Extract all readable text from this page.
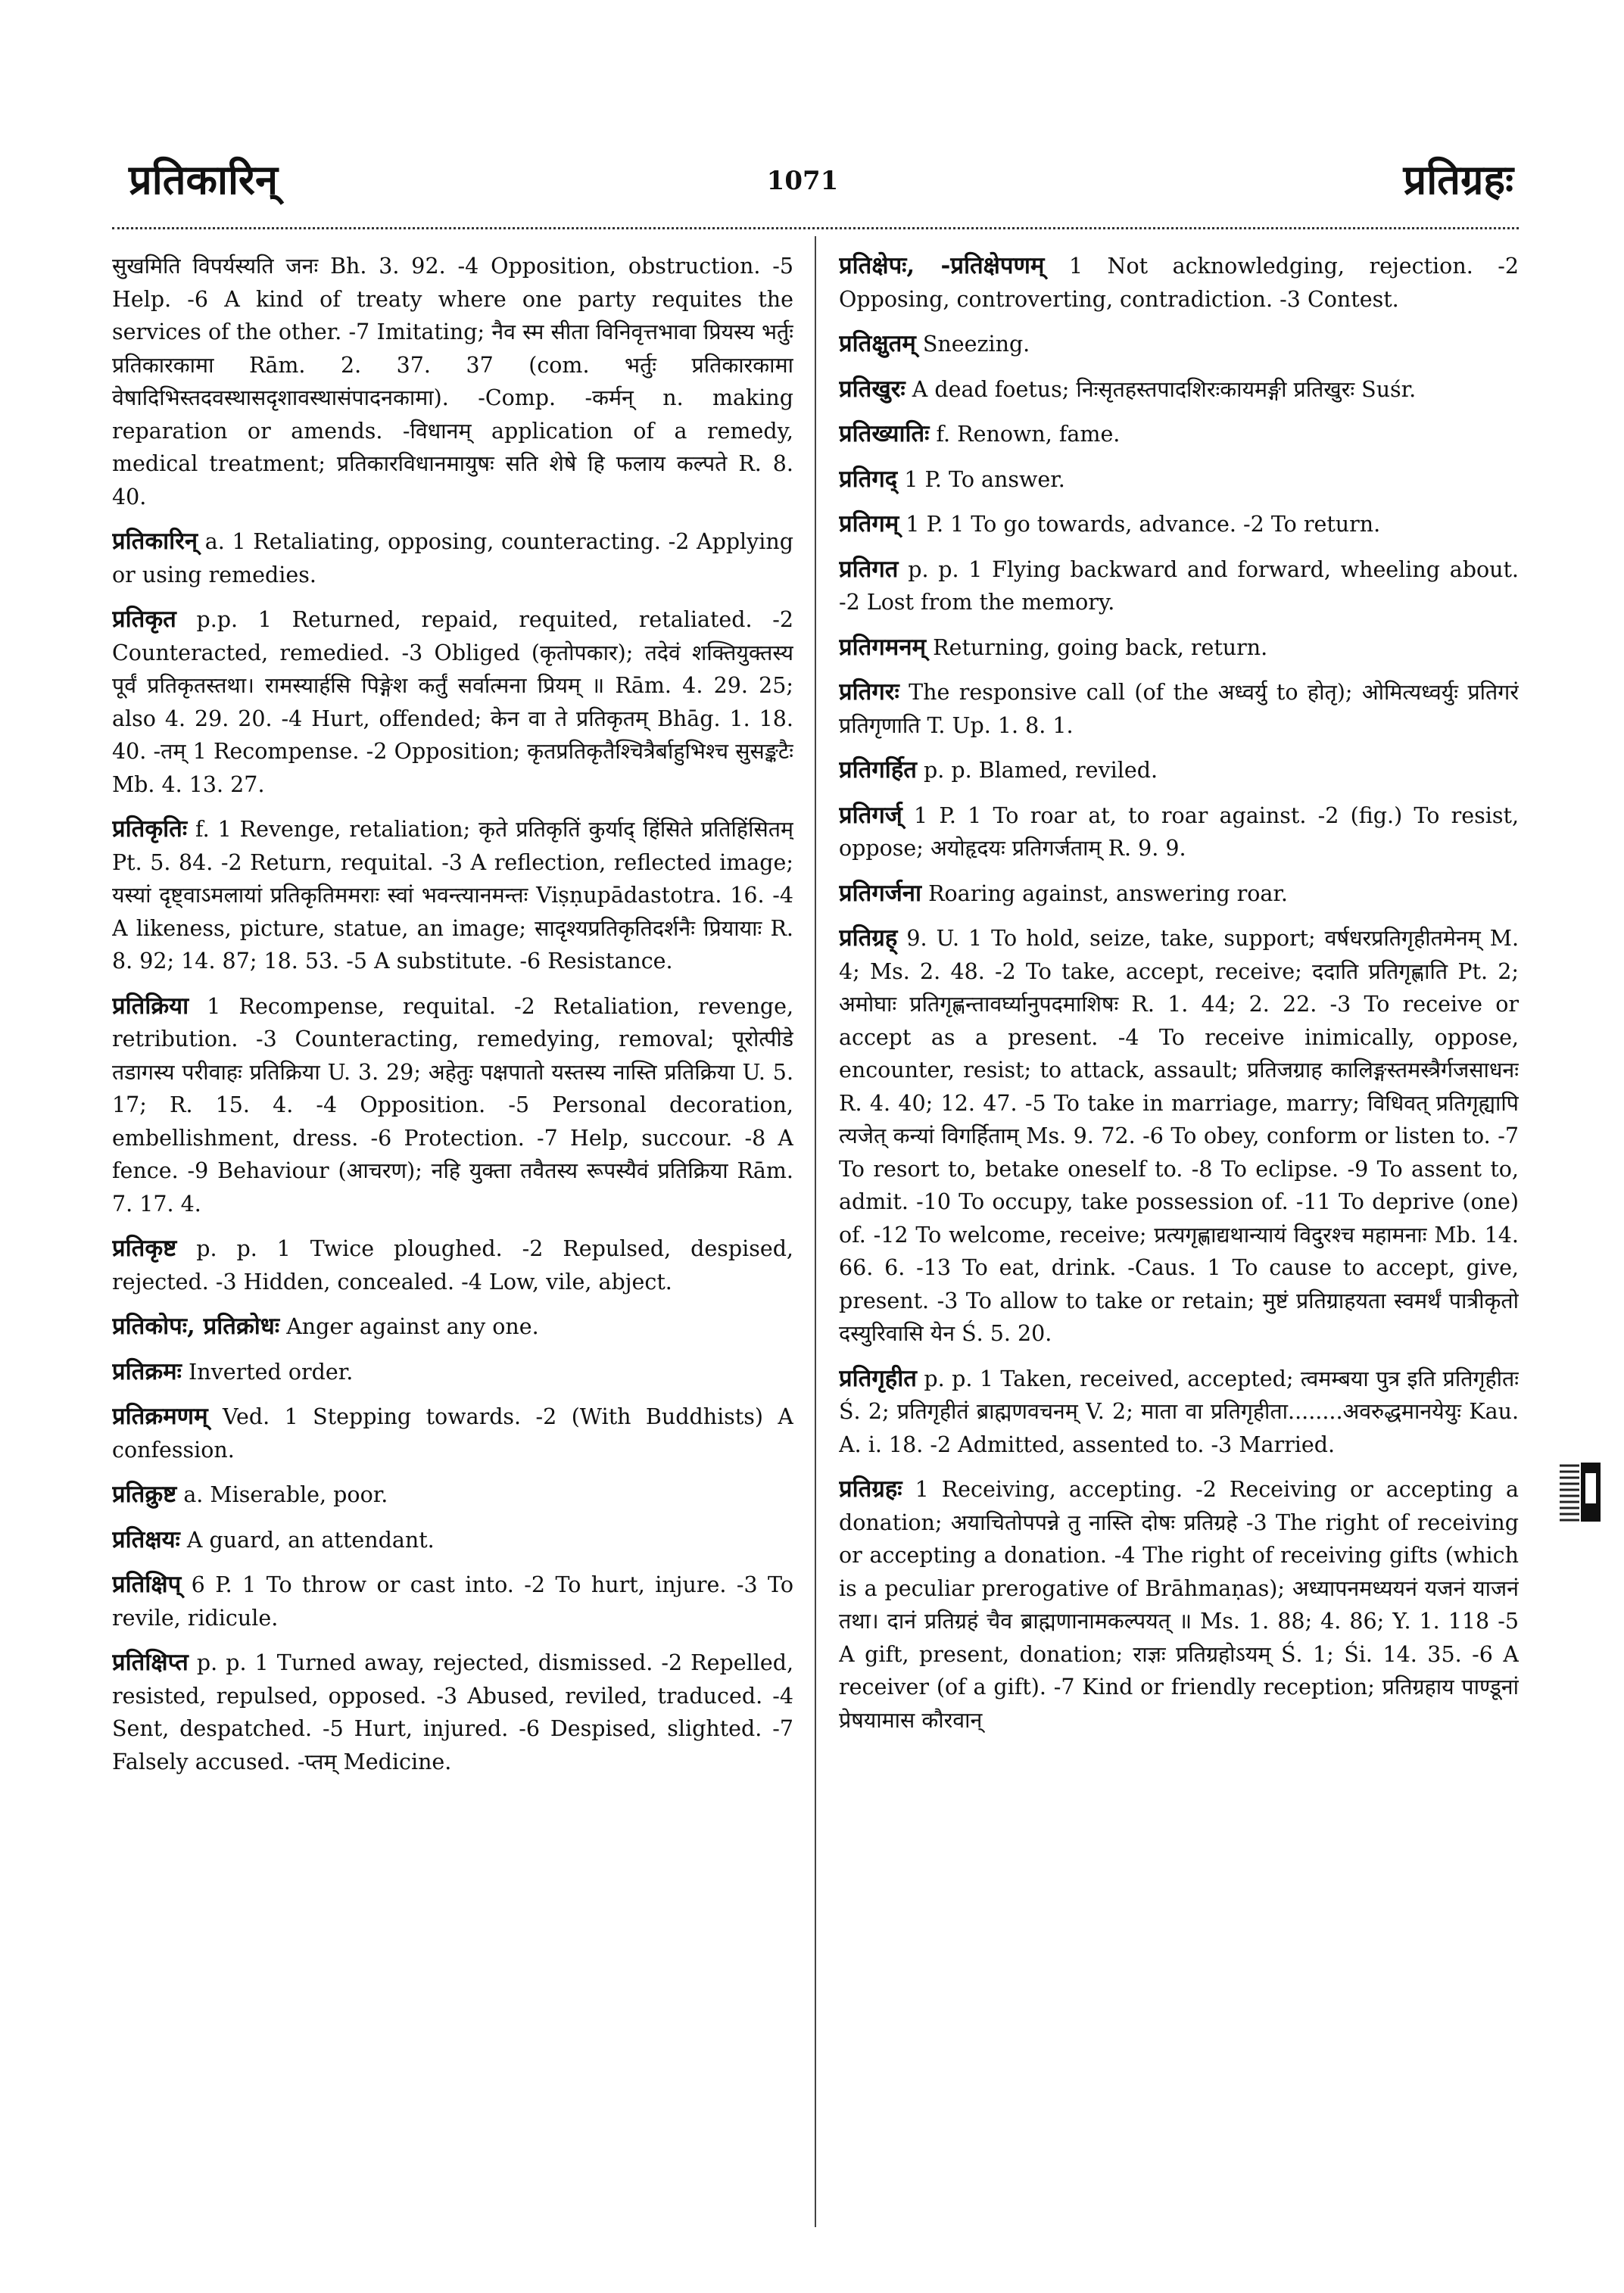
प्रतिकारिन्	1071	प्रतिग्रहः

सुखमिति विपर्यस्यति जनः Bh. 3. 92. -4 Opposition, obstruction. -5 Help. -6 A kind of treaty where one party requites the services of the other. -7 Imitating; नैव स्म सीता विनिवृत्तभावा प्रियस्य भर्तुः प्रतिकारकामा Rām. 2. 37. 37 (com. भर्तुः प्रतिकारकामा वेषादिभिस्तदवस्थासदृशावस्थासंपादनकामा). -Comp. -कर्मन् n. making reparation or amends. -विधानम् application of a remedy, medical treatment; प्रतिकारविधानमायुषः सति शेषे हि फलाय कल्पते R. 8. 40.

प्रतिकारिन् a. 1 Retaliating, opposing, counteracting. -2 Applying or using remedies.

प्रतिकृत p.p. 1 Returned, repaid, requited, retaliated. -2 Counteracted, remedied. -3 Obliged (कृतोपकार); तदेवं शक्तियुक्तस्य पूर्वं प्रतिकृतस्तथा। रामस्यार्हसि पिङ्गेश कर्तुं सर्वात्मना प्रियम् ॥ Rām. 4. 29. 25; also 4. 29. 20. -4 Hurt, offended; केन वा ते प्रतिकृतम् Bhāg. 1. 18. 40. -तम् 1 Recompense. -2 Opposition; कृतप्रतिकृतैश्चित्रैर्बाहुभिश्च सुसङ्कटैः Mb. 4. 13. 27.

प्रतिकृतिः f. 1 Revenge, retaliation; कृते प्रतिकृतिं कुर्याद् हिंसिते प्रतिहिंसितम् Pt. 5. 84. -2 Return, requital. -3 A reflection, reflected image; यस्यां दृष्ट्वाऽमलायां प्रतिकृतिममराः स्वां भवन्त्यानमन्तः Viṣṇupādastotra. 16. -4 A likeness, picture, statue, an image; सादृश्यप्रतिकृतिदर्शनैः प्रियायाः R. 8. 92; 14. 87; 18. 53. -5 A substitute. -6 Resistance.

प्रतिक्रिया 1 Recompense, requital. -2 Retaliation, revenge, retribution. -3 Counteracting, remedying, removal; पूरोत्पीडे तडागस्य परीवाहः प्रतिक्रिया U. 3. 29; अहेतुः पक्षपातो यस्तस्य नास्ति प्रतिक्रिया U. 5. 17; R. 15. 4. -4 Opposition. -5 Personal decoration, embellishment, dress. -6 Protection. -7 Help, succour. -8 A fence. -9 Behaviour (आचरण); नहि युक्ता तवैतस्य रूपस्यैवं प्रतिक्रिया Rām. 7. 17. 4.

प्रतिकृष्ट p. p. 1 Twice ploughed. -2 Repulsed, despised, rejected. -3 Hidden, concealed. -4 Low, vile, abject.

प्रतिकोपः, प्रतिक्रोधः Anger against any one.

प्रतिक्रमः Inverted order.

प्रतिक्रमणम् Ved. 1 Stepping towards. -2 (With Buddhists) A confession.

प्रतिक्रुष्ट a. Miserable, poor.

प्रतिक्षयः A guard, an attendant.

प्रतिक्षिप् 6 P. 1 To throw or cast into. -2 To hurt, injure. -3 To revile, ridicule.

प्रतिक्षिप्त p. p. 1 Turned away, rejected, dismissed. -2 Repelled, resisted, repulsed, opposed. -3 Abused, reviled, traduced. -4 Sent, despatched. -5 Hurt, injured. -6 Despised, slighted. -7 Falsely accused. -प्तम् Medicine.

प्रतिक्षेपः, -प्रतिक्षेपणम् 1 Not acknowledging, rejection. -2 Opposing, controverting, contradiction. -3 Contest.

प्रतिक्षुतम् Sneezing.

प्रतिखुरः A dead foetus; निःसृतहस्तपादशिरःकायमङ्गी प्रतिखुरः Suśr.

प्रतिख्यातिः f. Renown, fame.

प्रतिगद् 1 P. To answer.

प्रतिगम् 1 P. 1 To go towards, advance. -2 To return.

प्रतिगत p. p. 1 Flying backward and forward, wheeling about. -2 Lost from the memory.

प्रतिगमनम् Returning, going back, return.

प्रतिगरः The responsive call (of the अध्वर्यु to होतृ); ओमित्यध्वर्युः प्रतिगरं प्रतिगृणाति T. Up. 1. 8. 1.

प्रतिगर्हित p. p. Blamed, reviled.

प्रतिगर्ज् 1 P. 1 To roar at, to roar against. -2 (fig.) To resist, oppose; अयोहृदयः प्रतिगर्जताम् R. 9. 9.

प्रतिगर्जना Roaring against, answering roar.

प्रतिग्रह् 9. U. 1 To hold, seize, take, support; वर्षधरप्रतिगृहीतमेनम् M. 4; Ms. 2. 48. -2 To take, accept, receive; ददाति प्रतिगृह्णाति Pt. 2; अमोघाः प्रतिगृह्णन्तावर्घ्यानुपदमाशिषः R. 1. 44; 2. 22. -3 To receive or accept as a present. -4 To receive inimically, oppose, encounter, resist; to attack, assault; प्रतिजग्राह कालिङ्गस्तमस्त्रैर्गजसाधनः R. 4. 40; 12. 47. -5 To take in marriage, marry; विधिवत् प्रतिगृह्यापि त्यजेत् कन्यां विगर्हिताम् Ms. 9. 72. -6 To obey, conform or listen to. -7 To resort to, betake oneself to. -8 To eclipse. -9 To assent to, admit. -10 To occupy, take possession of. -11 To deprive (one) of. -12 To welcome, receive; प्रत्यगृह्णाद्यथान्यायं विदुरश्च महामनाः Mb. 14. 66. 6. -13 To eat, drink. -Caus. 1 To cause to accept, give, present. -3 To allow to take or retain; मुष्टं प्रतिग्राहयता स्वमर्थं पात्रीकृतो दस्युरिवासि येन Ś. 5. 20.

प्रतिगृहीत p. p. 1 Taken, received, accepted; त्वमम्बया पुत्र इति प्रतिगृहीतः Ś. 2; प्रतिगृहीतं ब्राह्मणवचनम् V. 2; माता वा प्रतिगृहीता........अवरुद्धमानयेयुः Kau. A. i. 18. -2 Admitted, assented to. -3 Married.

प्रतिग्रहः 1 Receiving, accepting. -2 Receiving or accepting a donation; अयाचितोपपन्ने तु नास्ति दोषः प्रतिग्रहे -3 The right of receiving or accepting a donation. -4 The right of receiving gifts (which is a peculiar prerogative of Brāhmaṇas); अध्यापनमध्ययनं यजनं याजनं तथा। दानं प्रतिग्रहं चैव ब्राह्मणानामकल्पयत् ॥ Ms. 1. 88; 4. 86; Y. 1. 118 -5 A gift, present, donation; राज्ञः प्रतिग्रहोऽयम् Ś. 1; Śi. 14. 35. -6 A receiver (of a gift). -7 Kind or friendly reception; प्रतिग्रहाय पाण्डूनां प्रेषयामास कौरवान्
